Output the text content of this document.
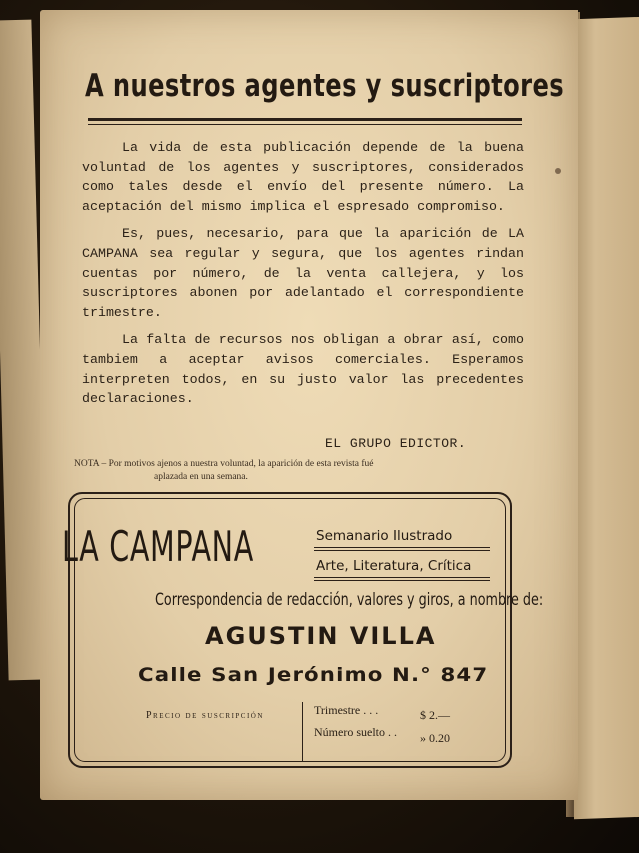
A nuestros agentes y suscriptores

La vida de esta publicación depende de la buena voluntad de los agentes y suscriptores, considerados como tales desde el envío del presente número. La aceptación del mismo implica el espresado compromiso.

Es, pues, necesario, para que la aparición de LA CAMPANA sea regular y segura, que los agentes rindan cuentas por número, de la venta callejera, y los suscriptores abonen por adelantado el correspondiente trimestre.

La falta de recursos nos obligan a obrar así, como tambiem a aceptar avisos comerciales. Esperamos interpreten todos, en su justo valor las precedentes declaraciones.

EL GRUPO EDICTOR.
NOTA – Por motivos ajenos a nuestra voluntad, la aparición de esta revista fué
aplazada en una semana.
LA CAMPANA	Semanario Ilustrado
Arte, Literatura, Crítica
Correspondencia de redacción, valores y giros, a nombre de:
AGUSTIN VILLA
Calle San Jerónimo N.° 847
Precio de suscripción	Trimestre . . .	$ 2.—
Número suelto . . » 0.20
